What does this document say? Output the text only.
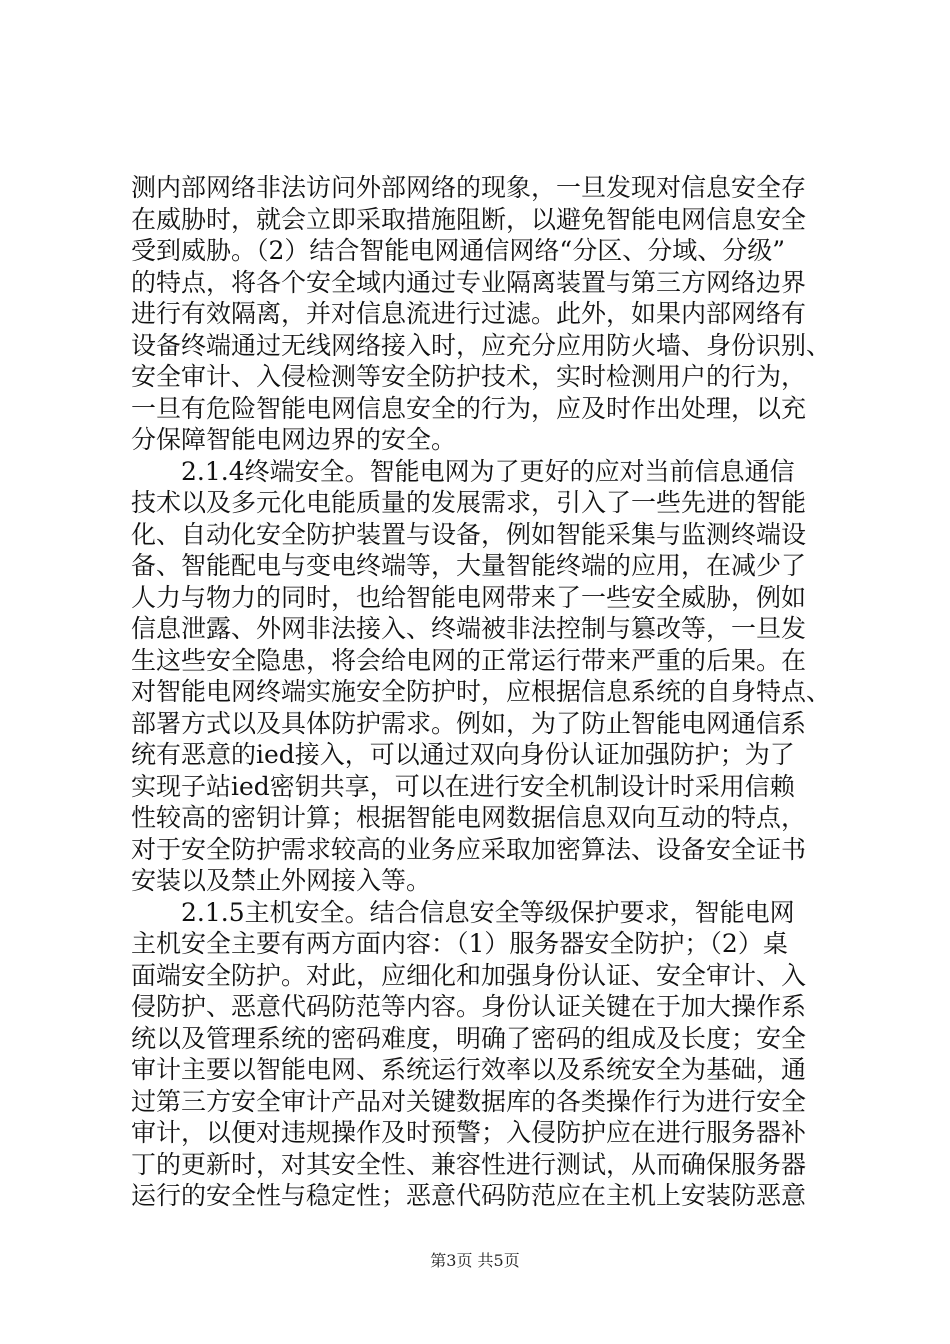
测内部网络非法访问外部网络的现象，一旦发现对信息安全存
在威胁时，就会立即采取措施阻断，以避免智能电网信息安全
受到威胁。（2）结合智能电网通信网络“分区、分域、分级”
的特点，将各个安全域内通过专业隔离装置与第三方网络边界
进行有效隔离，并对信息流进行过滤。此外，如果内部网络有
设备终端通过无线网络接入时，应充分应用防火墙、身份识别、
安全审计、入侵检测等安全防护技术，实时检测用户的行为，
一旦有危险智能电网信息安全的行为，应及时作出处理，以充
分保障智能电网边界的安全。
　　2.1.4终端安全。智能电网为了更好的应对当前信息通信
技术以及多元化电能质量的发展需求，引入了一些先进的智能
化、自动化安全防护装置与设备，例如智能采集与监测终端设
备、智能配电与变电终端等，大量智能终端的应用，在减少了
人力与物力的同时，也给智能电网带来了一些安全威胁，例如
信息泄露、外网非法接入、终端被非法控制与篡改等，一旦发
生这些安全隐患，将会给电网的正常运行带来严重的后果。在
对智能电网终端实施安全防护时，应根据信息系统的自身特点、
部署方式以及具体防护需求。例如，为了防止智能电网通信系
统有恶意的ied接入，可以通过双向身份认证加强防护；为了
实现子站ied密钥共享，可以在进行安全机制设计时采用信赖
性较高的密钥计算；根据智能电网数据信息双向互动的特点，
对于安全防护需求较高的业务应采取加密算法、设备安全证书
安装以及禁止外网接入等。
　　2.1.5主机安全。结合信息安全等级保护要求，智能电网
主机安全主要有两方面内容：（1）服务器安全防护；（2）桌
面端安全防护。对此，应细化和加强身份认证、安全审计、入
侵防护、恶意代码防范等内容。身份认证关键在于加大操作系
统以及管理系统的密码难度，明确了密码的组成及长度；安全
审计主要以智能电网、系统运行效率以及系统安全为基础，通
过第三方安全审计产品对关键数据库的各类操作行为进行安全
审计，以便对违规操作及时预警；入侵防护应在进行服务器补
丁的更新时，对其安全性、兼容性进行测试，从而确保服务器
运行的安全性与稳定性；恶意代码防范应在主机上安装防恶意
第3页 共5页
